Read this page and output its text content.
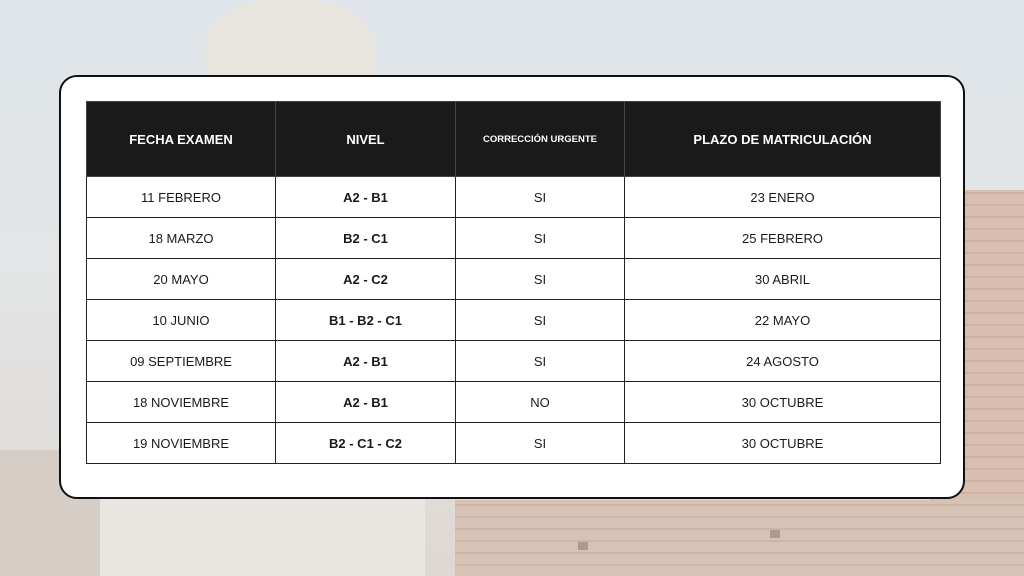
FECHA EXAMEN	NIVEL	CORRECCIÓN URGENTE	PLAZO DE MATRICULACIÓN
11 FEBRERO	A2 - B1	SI	23 ENERO
18 MARZO	B2 - C1	SI	25 FEBRERO
20 MAYO	A2 - C2	SI	30 ABRIL
10 JUNIO	B1 - B2 - C1	SI	22 MAYO
09 SEPTIEMBRE	A2 - B1	SI	24 AGOSTO
18 NOVIEMBRE	A2 - B1	NO	30 OCTUBRE
19 NOVIEMBRE	B2 - C1 - C2	SI	30 OCTUBRE
